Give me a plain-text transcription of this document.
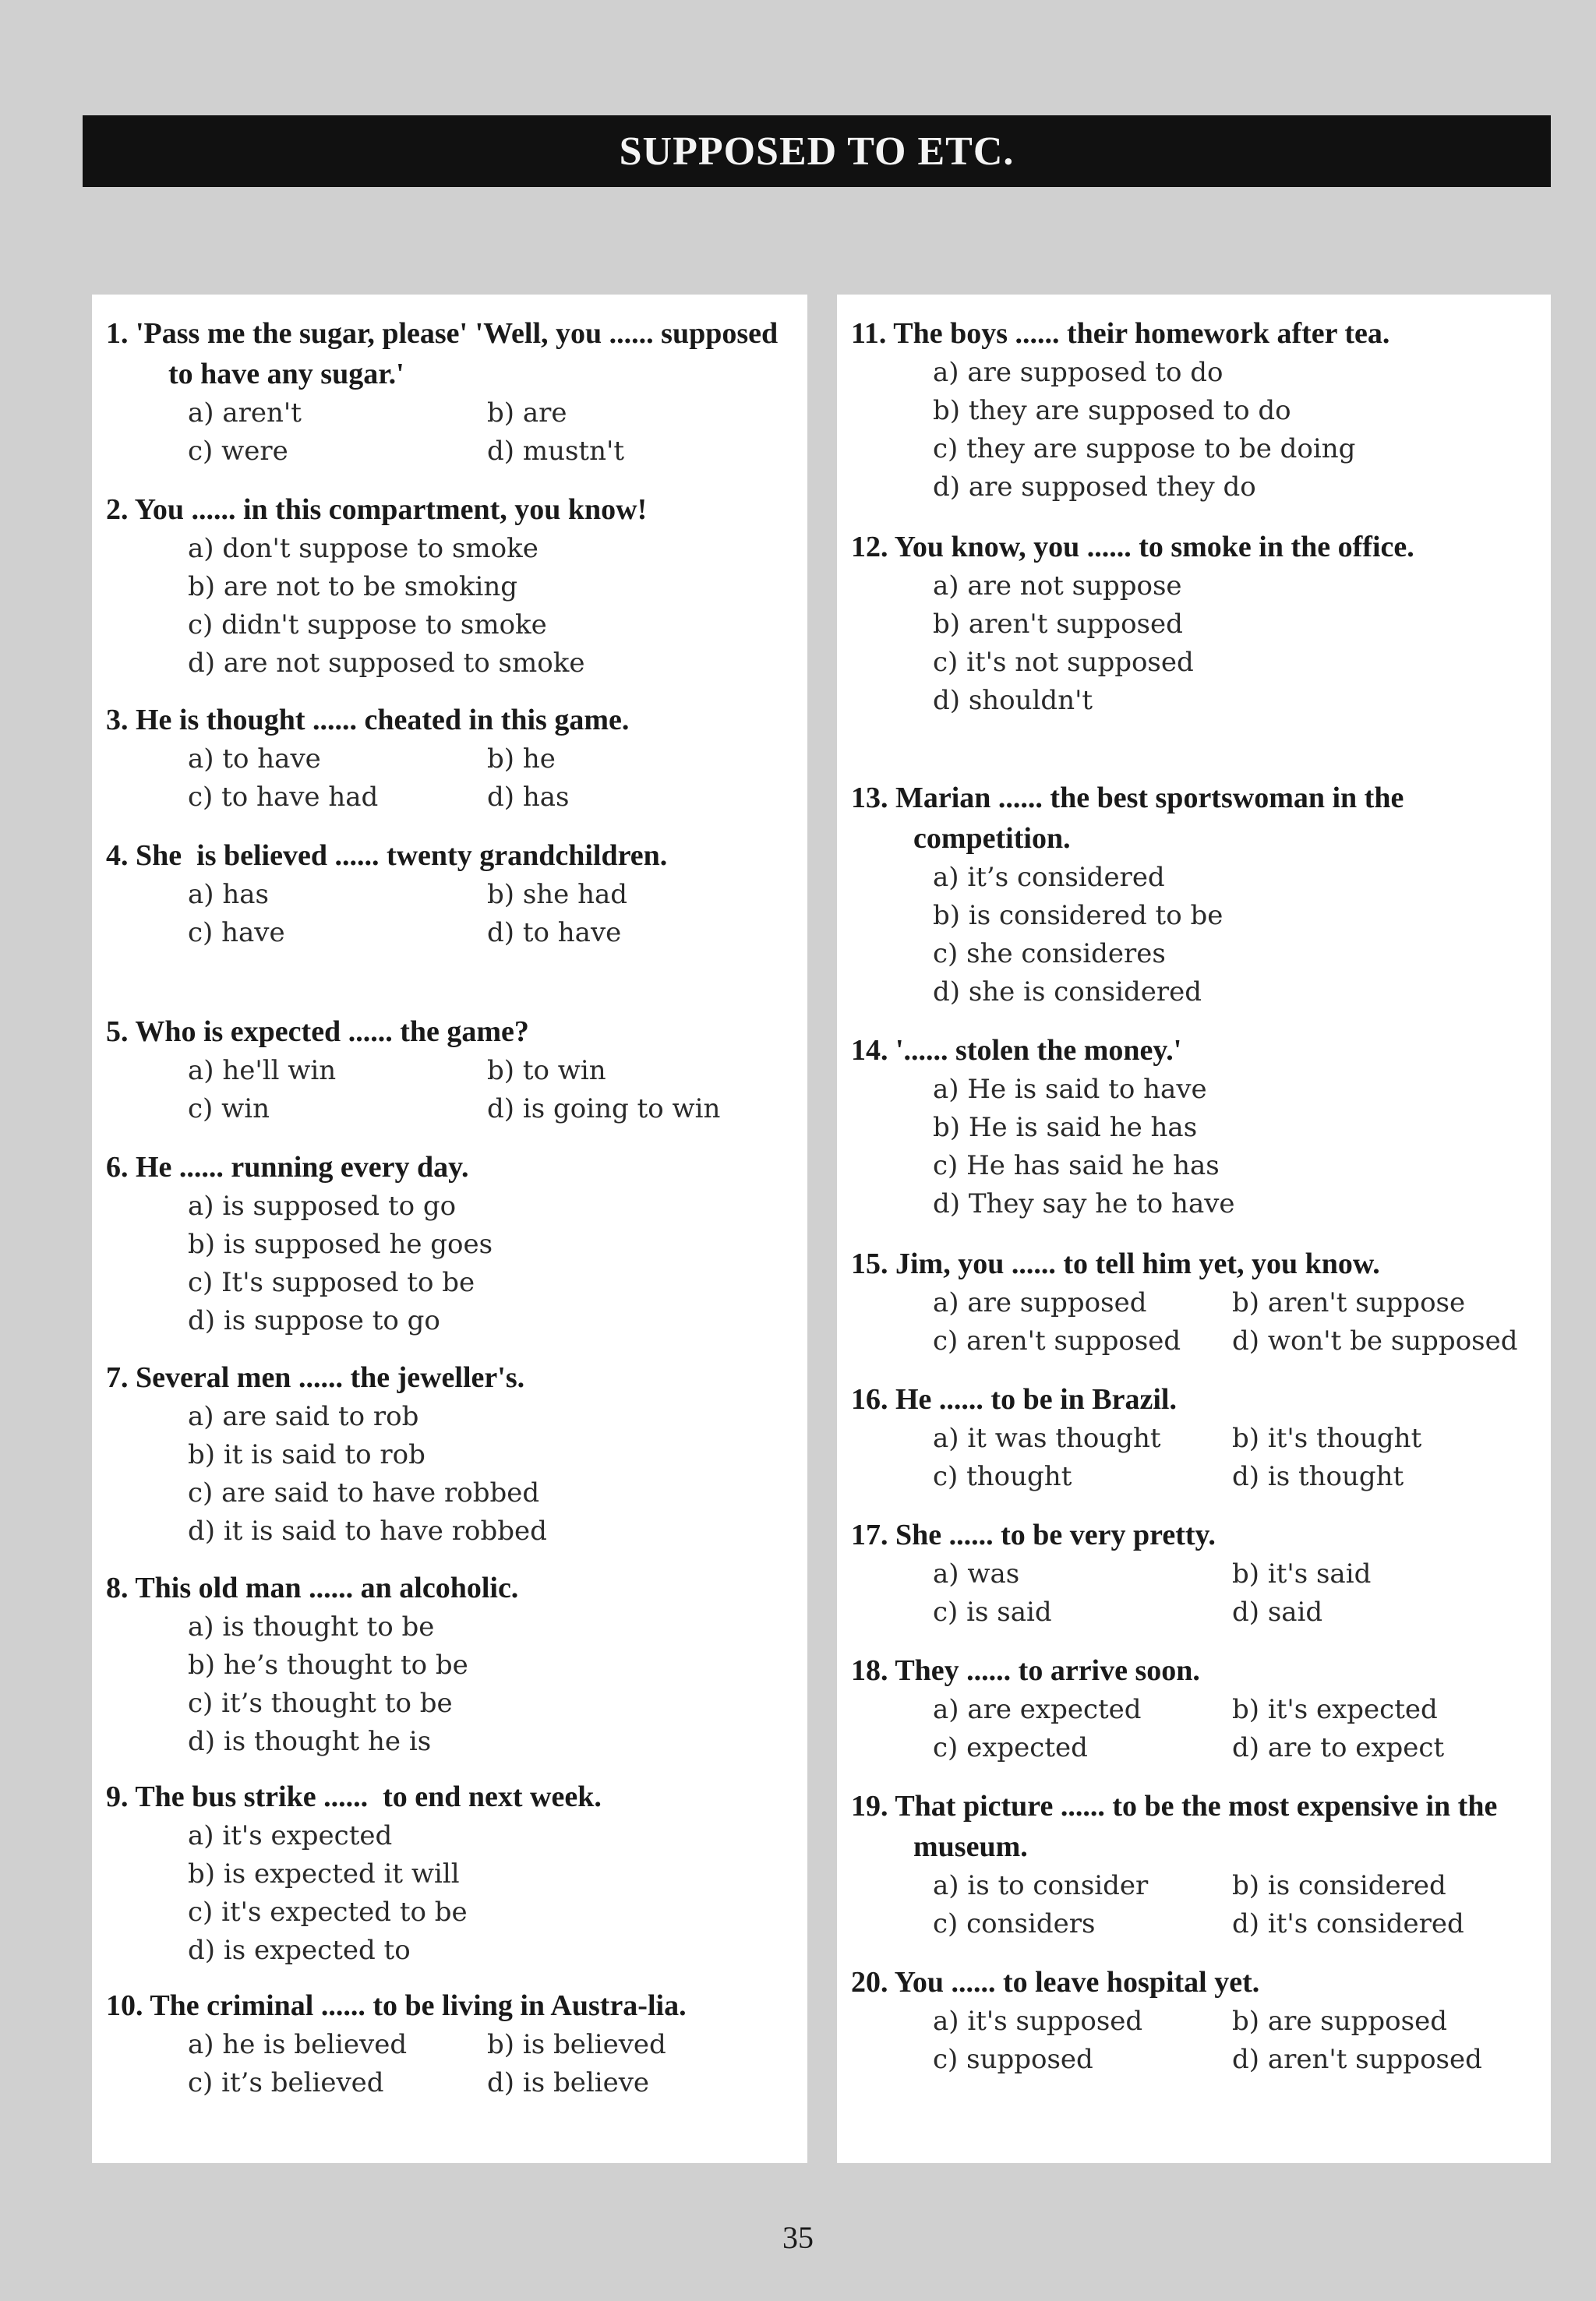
SUPPOSED TO ETC.
1. 'Pass me the sugar, please' 'Well, you ...... supposed to have any sugar.'
a) aren't	b) are
c) were	d) mustn't
2. You ...... in this compartment, you know!
a) don't suppose to smoke
b) are not to be smoking
c) didn't suppose to smoke
d) are not supposed to smoke
3. He is thought ...... cheated in this game.
a) to have	b) he
c) to have had	d) has
4. She  is believed ...... twenty grandchildren.
a) has	b) she had
c) have	d) to have
5. Who is expected ...... the game?
a) he'll win	b) to win
c) win	d) is going to win
6. He ...... running every day.
a) is supposed to go
b) is supposed he goes
c) It's supposed to be
d) is suppose to go
7. Several men ...... the jeweller's.
a) are said to rob
b) it is said to rob
c) are said to have robbed
d) it is said to have robbed
8. This old man ...... an alcoholic.
a) is thought to be
b) he’s thought to be
c) it’s thought to be
d) is thought he is
9. The bus strike ......  to end next week.
a) it's expected
b) is expected it will
c) it's expected to be
d) is expected to
10. The criminal ...... to be living in Austra-lia.
a) he is believed	b) is believed
c) it’s believed	d) is believe
11. The boys ...... their homework after tea.
a) are supposed to do
b) they are supposed to do
c) they are suppose to be doing
d) are supposed they do
12. You know, you ...... to smoke in the office.
a) are not suppose
b) aren't supposed
c) it's not supposed
d) shouldn't
13. Marian ...... the best sportswoman in the competition.
a) it’s considered
b) is considered to be
c) she consideres
d) she is considered
14. '...... stolen the money.'
a) He is said to have
b) He is said he has
c) He has said he has
d) They say he to have
15. Jim, you ...... to tell him yet, you know.
a) are supposed	b) aren't suppose
c) aren't supposed	d) won't be supposed
16. He ...... to be in Brazil.
a) it was thought	b) it's thought
c) thought	d) is thought
17. She ...... to be very pretty.
a) was	b) it's said
c) is said	d) said
18. They ...... to arrive soon.
a) are expected	b) it's expected
c) expected	d) are to expect
19. That picture ...... to be the most expensive in the museum.
a) is to consider	b) is considered
c) considers	d) it's considered
20. You ...... to leave hospital yet.
a) it's supposed	b) are supposed
c) supposed	d) aren't supposed
35
